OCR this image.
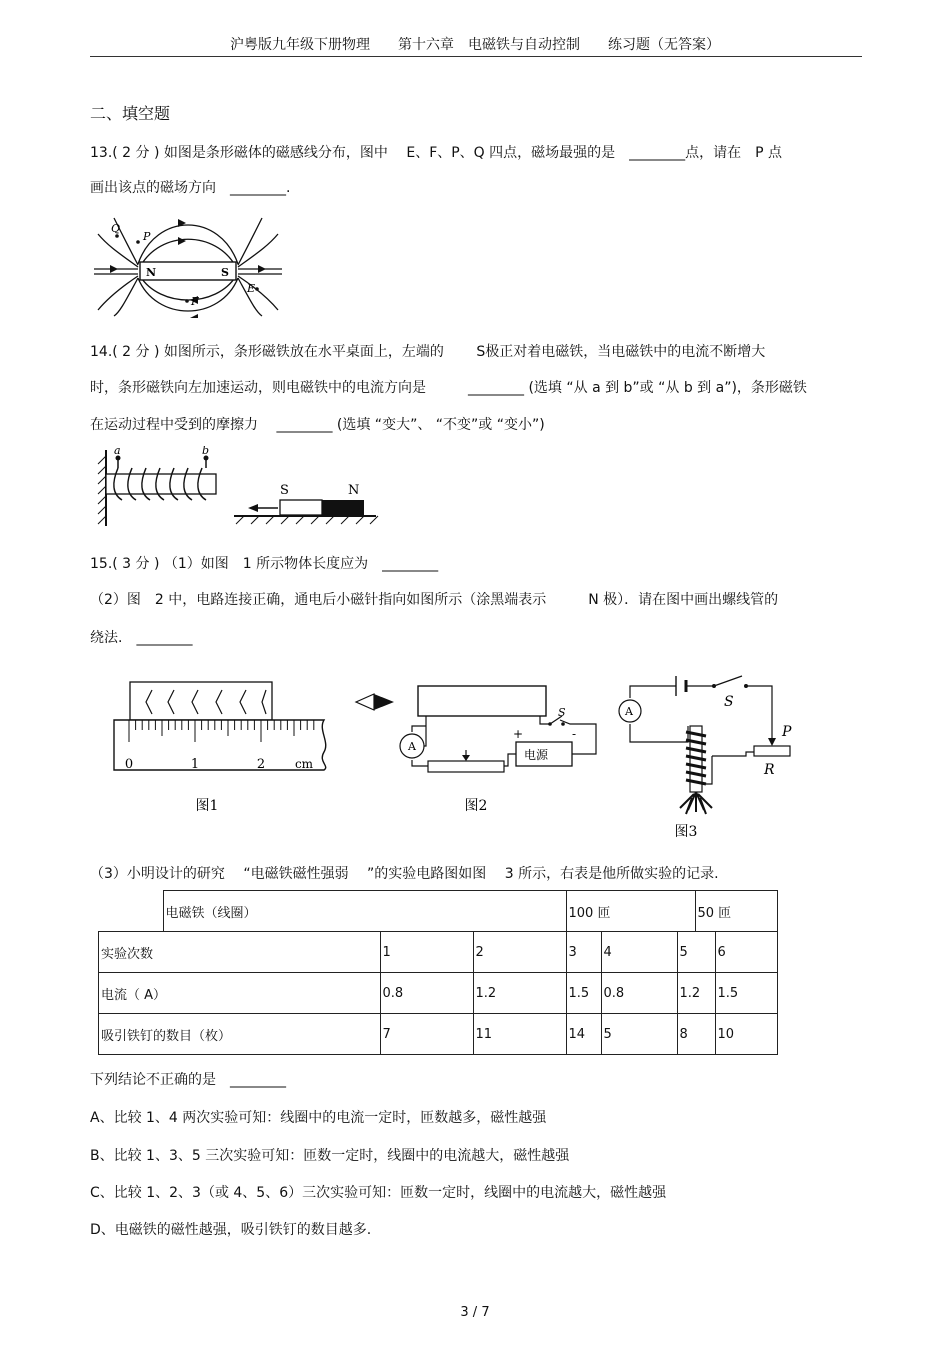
沪粤版九年级下册物理　　第十六章　电磁铁与自动控制　　练习题（无答案）
二、填空题
13.( 2 分 ) 如图是条形磁体的磁感线分布，图中　 E、F、P、Q 四点，磁场最强的是　________点，请在　P 点
画出该点的磁场方向　________.
N	S
Q
P
E
F
14.( 2 分 ) 如图所示，条形磁铁放在水平桌面上，左端的　　 S极正对着电磁铁，当电磁铁中的电流不断增大
时，条形磁铁向左加速运动，则电磁铁中的电流方向是　　　________ (选填 “从 a 到 b”或 “从 b 到 a”)，条形磁铁
在运动过程中受到的摩擦力　 ________ (选填 “变大”、 “不变”或 “变小”)
a	b
S	N
15.( 3 分 ) （1）如图　1 所示物体长度应为　________
（2）图　2 中，电路连接正确，通电后小磁针指向如图所示（涂黑端表示　　　N 极）．请在图中画出螺线管的
绕法.　________
0	1	2 cm
图1
S
A
电源
+	-
图2
S
A
P
R
图3
（3）小明设计的研究　 “电磁铁磁性强弱　 ”的实验电路图如图　 3 所示，右表是他所做实验的记录.
	电磁铁（线圈）			100 匝			50 匝	
实验次数		1	2	3	4	5		6
电流（ A）		0.8	1.2	1.5	0.8	1.2		1.5
吸引铁钉的数目（枚）		7	11	14	5	8		10
下列结论不正确的是　________
A、比较 1、4 两次实验可知：线圈中的电流一定时，匝数越多，磁性越强
B、比较 1、3、5 三次实验可知：匝数一定时，线圈中的电流越大，磁性越强
C、比较 1、2、3（或 4、5、6）三次实验可知：匝数一定时，线圈中的电流越大，磁性越强
D、电磁铁的磁性越强，吸引铁钉的数目越多.
3 / 7
